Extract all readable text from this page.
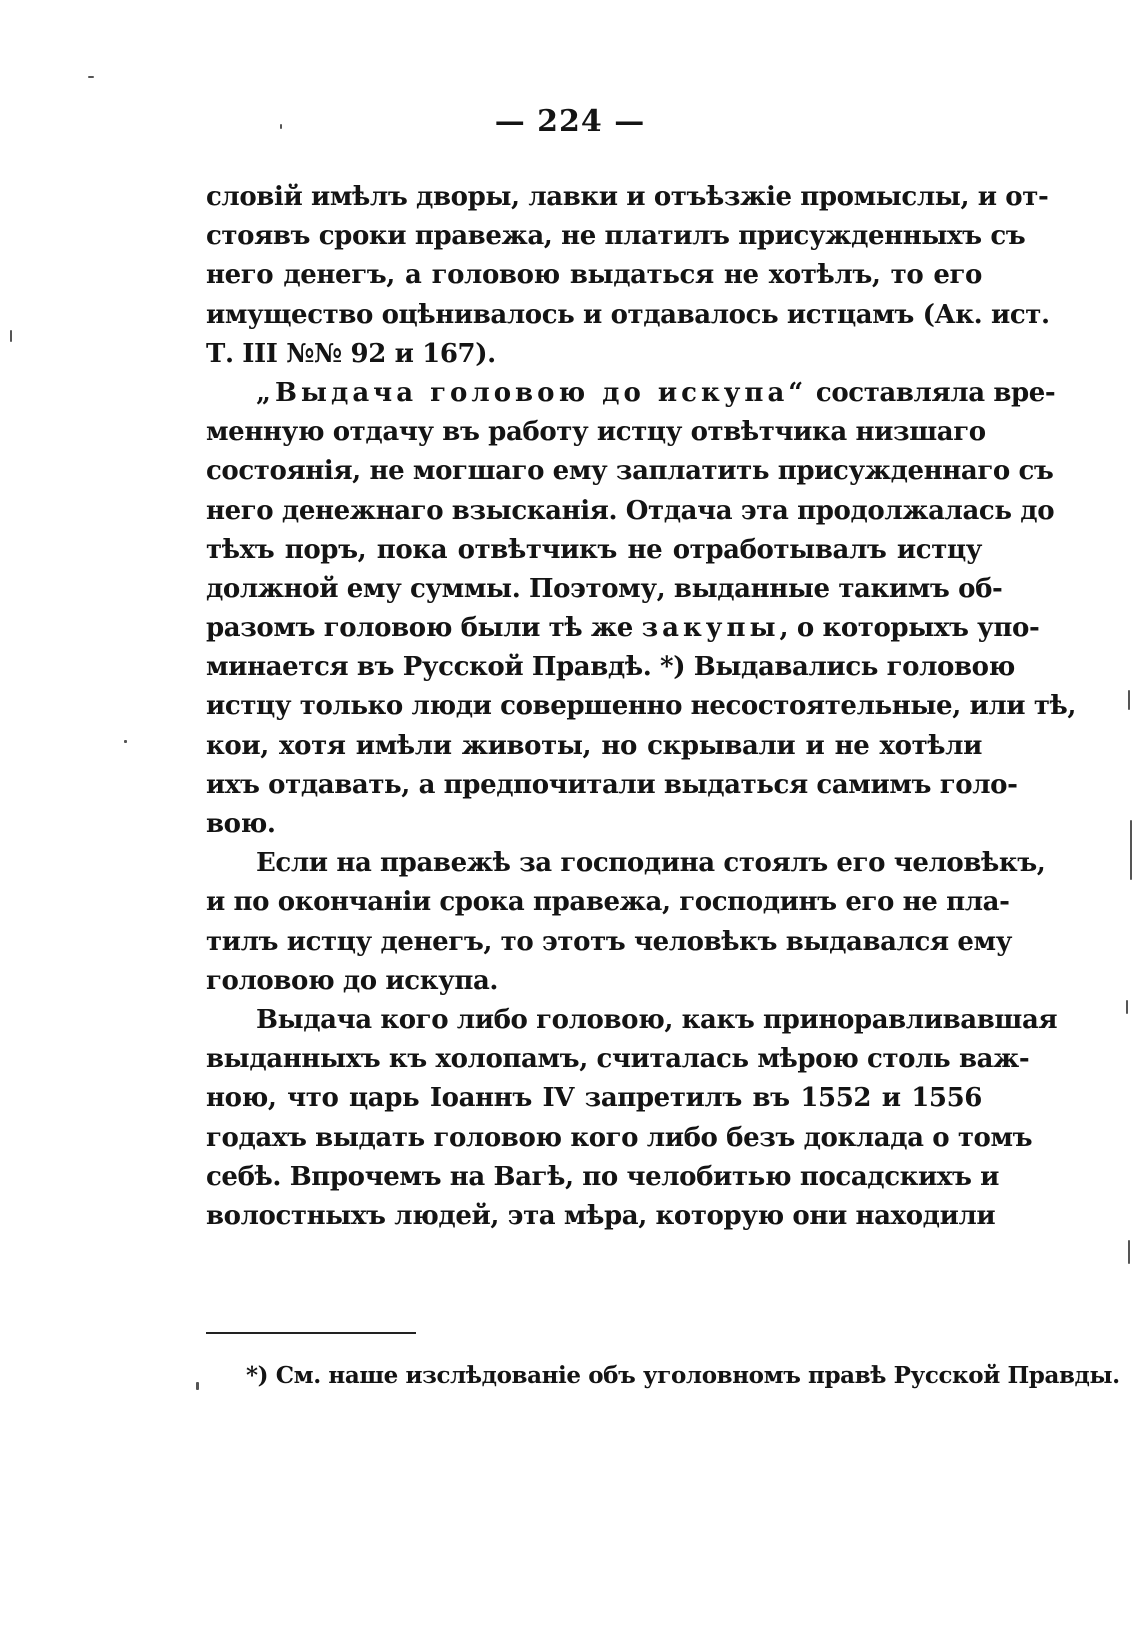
— 224 —
словій имѣлъ дворы, лавки и отъѣзжіе промыслы, и от-
стоявъ сроки правежа, не платилъ присужденныхъ съ
него денегъ, а головою выдаться не хотѣлъ, то его
имущество оцѣнивалось и отдавалось истцамъ (Ак. ист.
Т. III №№ 92 и 167).
„Выдача головою до искупа“ составляла вре-
менную отдачу въ работу истцу отвѣтчика низшаго
состоянія, не могшаго ему заплатить присужденнаго съ
него денежнаго взысканія. Отдача эта продолжалась до
тѣхъ поръ, пока отвѣтчикъ не отработывалъ истцу
должной ему суммы. Поэтому, выданные такимъ об-
разомъ головою были тѣ же закупы, о которыхъ упо-
минается въ Русской Правдѣ. *) Выдавались головою
истцу только люди совершенно несостоятельные, или тѣ,
кои, хотя имѣли животы, но скрывали и не хотѣли
ихъ отдавать, а предпочитали выдаться самимъ голо-
вою.
Если на правежѣ за господина стоялъ его человѣкъ,
и по окончаніи срока правежа, господинъ его не пла-
тилъ истцу денегъ, то этотъ человѣкъ выдавался ему
головою до искупа.
Выдача кого либо головою, какъ приноравливавшая
выданныхъ къ холопамъ, считалась мѣрою столь важ-
ною, что царь Іоаннъ IV запретилъ въ 1552 и 1556
годахъ выдать головою кого либо безъ доклада о томъ
себѣ. Впрочемъ на Вагѣ, по челобитью посадскихъ и
волостныхъ людей, эта мѣра, которую они находили
*) См. наше изслѣдованіе объ уголовномъ правѣ Русской Правды.
